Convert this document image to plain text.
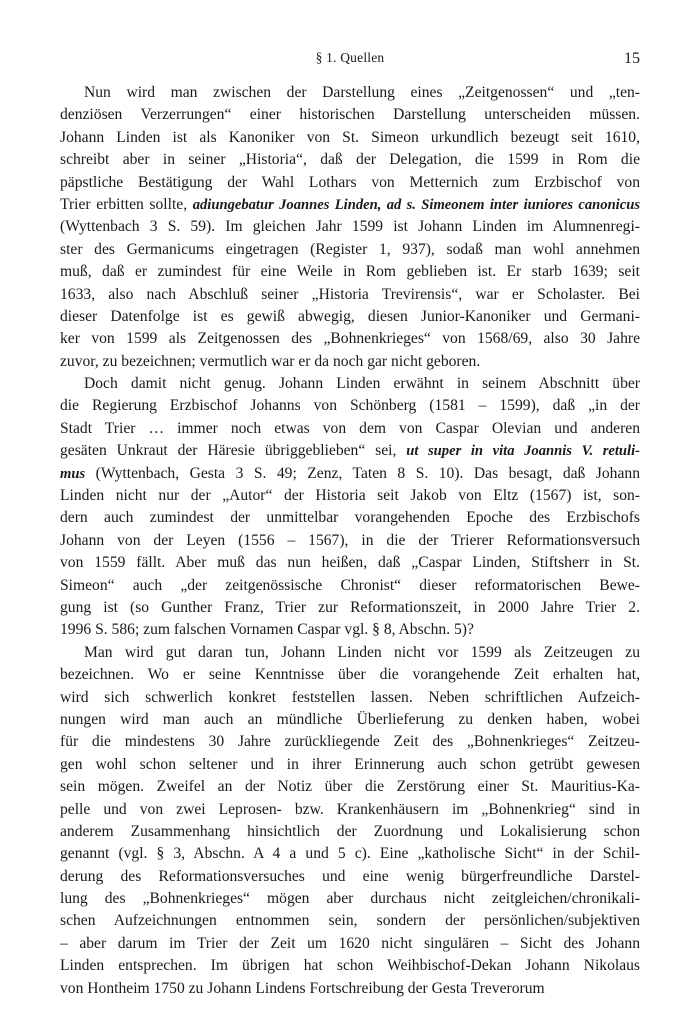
§ 1. Quellen	15
Nun wird man zwischen der Darstellung eines „Zeitgenossen“ und „ten-
denziösen Verzerrungen“ einer historischen Darstellung unterscheiden müssen.
Johann Linden ist als Kanoniker von St. Simeon urkundlich bezeugt seit 1610,
schreibt aber in seiner „Historia“, daß der Delegation, die 1599 in Rom die
päpstliche Bestätigung der Wahl Lothars von Metternich zum Erzbischof von
Trier erbitten sollte, adiungebatur Joannes Linden, ad s. Simeonem inter iuniores canonicus
(Wyttenbach 3 S. 59). Im gleichen Jahr 1599 ist Johann Linden im Alumnenregi-
ster des Germanicums eingetragen (Register 1, 937), sodaß man wohl annehmen
muß, daß er zumindest für eine Weile in Rom geblieben ist. Er starb 1639; seit
1633, also nach Abschluß seiner „Historia Trevirensis“, war er Scholaster. Bei
dieser Datenfolge ist es gewiß abwegig, diesen Junior-Kanoniker und Germani-
ker von 1599 als Zeitgenossen des „Bohnenkrieges“ von 1568/69, also 30 Jahre
zuvor, zu bezeichnen; vermutlich war er da noch gar nicht geboren.
Doch damit nicht genug. Johann Linden erwähnt in seinem Abschnitt über
die Regierung Erzbischof Johanns von Schönberg (1581 – 1599), daß „in der
Stadt Trier … immer noch etwas von dem von Caspar Olevian und anderen
gesäten Unkraut der Häresie übriggeblieben“ sei, ut super in vita Joannis V. retuli-
mus (Wyttenbach, Gesta 3 S. 49; Zenz, Taten 8 S. 10). Das besagt, daß Johann
Linden nicht nur der „Autor“ der Historia seit Jakob von Eltz (1567) ist, son-
dern auch zumindest der unmittelbar vorangehenden Epoche des Erzbischofs
Johann von der Leyen (1556 – 1567), in die der Trierer Reformationsversuch
von 1559 fällt. Aber muß das nun heißen, daß „Caspar Linden, Stiftsherr in St.
Simeon“ auch „der zeitgenössische Chronist“ dieser reformatorischen Bewe-
gung ist (so Gunther Franz, Trier zur Reformationszeit, in 2000 Jahre Trier 2.
1996 S. 586; zum falschen Vornamen Caspar vgl. § 8, Abschn. 5)?
Man wird gut daran tun, Johann Linden nicht vor 1599 als Zeitzeugen zu
bezeichnen. Wo er seine Kenntnisse über die vorangehende Zeit erhalten hat,
wird sich schwerlich konkret feststellen lassen. Neben schriftlichen Aufzeich-
nungen wird man auch an mündliche Überlieferung zu denken haben, wobei
für die mindestens 30 Jahre zurückliegende Zeit des „Bohnenkrieges“ Zeitzeu-
gen wohl schon seltener und in ihrer Erinnerung auch schon getrübt gewesen
sein mögen. Zweifel an der Notiz über die Zerstörung einer St. Mauritius-Ka-
pelle und von zwei Leprosen- bzw. Krankenhäusern im „Bohnenkrieg“ sind in
anderem Zusammenhang hinsichtlich der Zuordnung und Lokalisierung schon
genannt (vgl. § 3, Abschn. A 4 a und 5 c). Eine „katholische Sicht“ in der Schil-
derung des Reformationsversuches und eine wenig bürgerfreundliche Darstel-
lung des „Bohnenkrieges“ mögen aber durchaus nicht zeitgleichen/chronikali-
schen Aufzeichnungen entnommen sein, sondern der persönlichen/subjektiven
– aber darum im Trier der Zeit um 1620 nicht singulären – Sicht des Johann
Linden entsprechen. Im übrigen hat schon Weihbischof-Dekan Johann Nikolaus
von Hontheim 1750 zu Johann Lindens Fortschreibung der Gesta Treverorum
